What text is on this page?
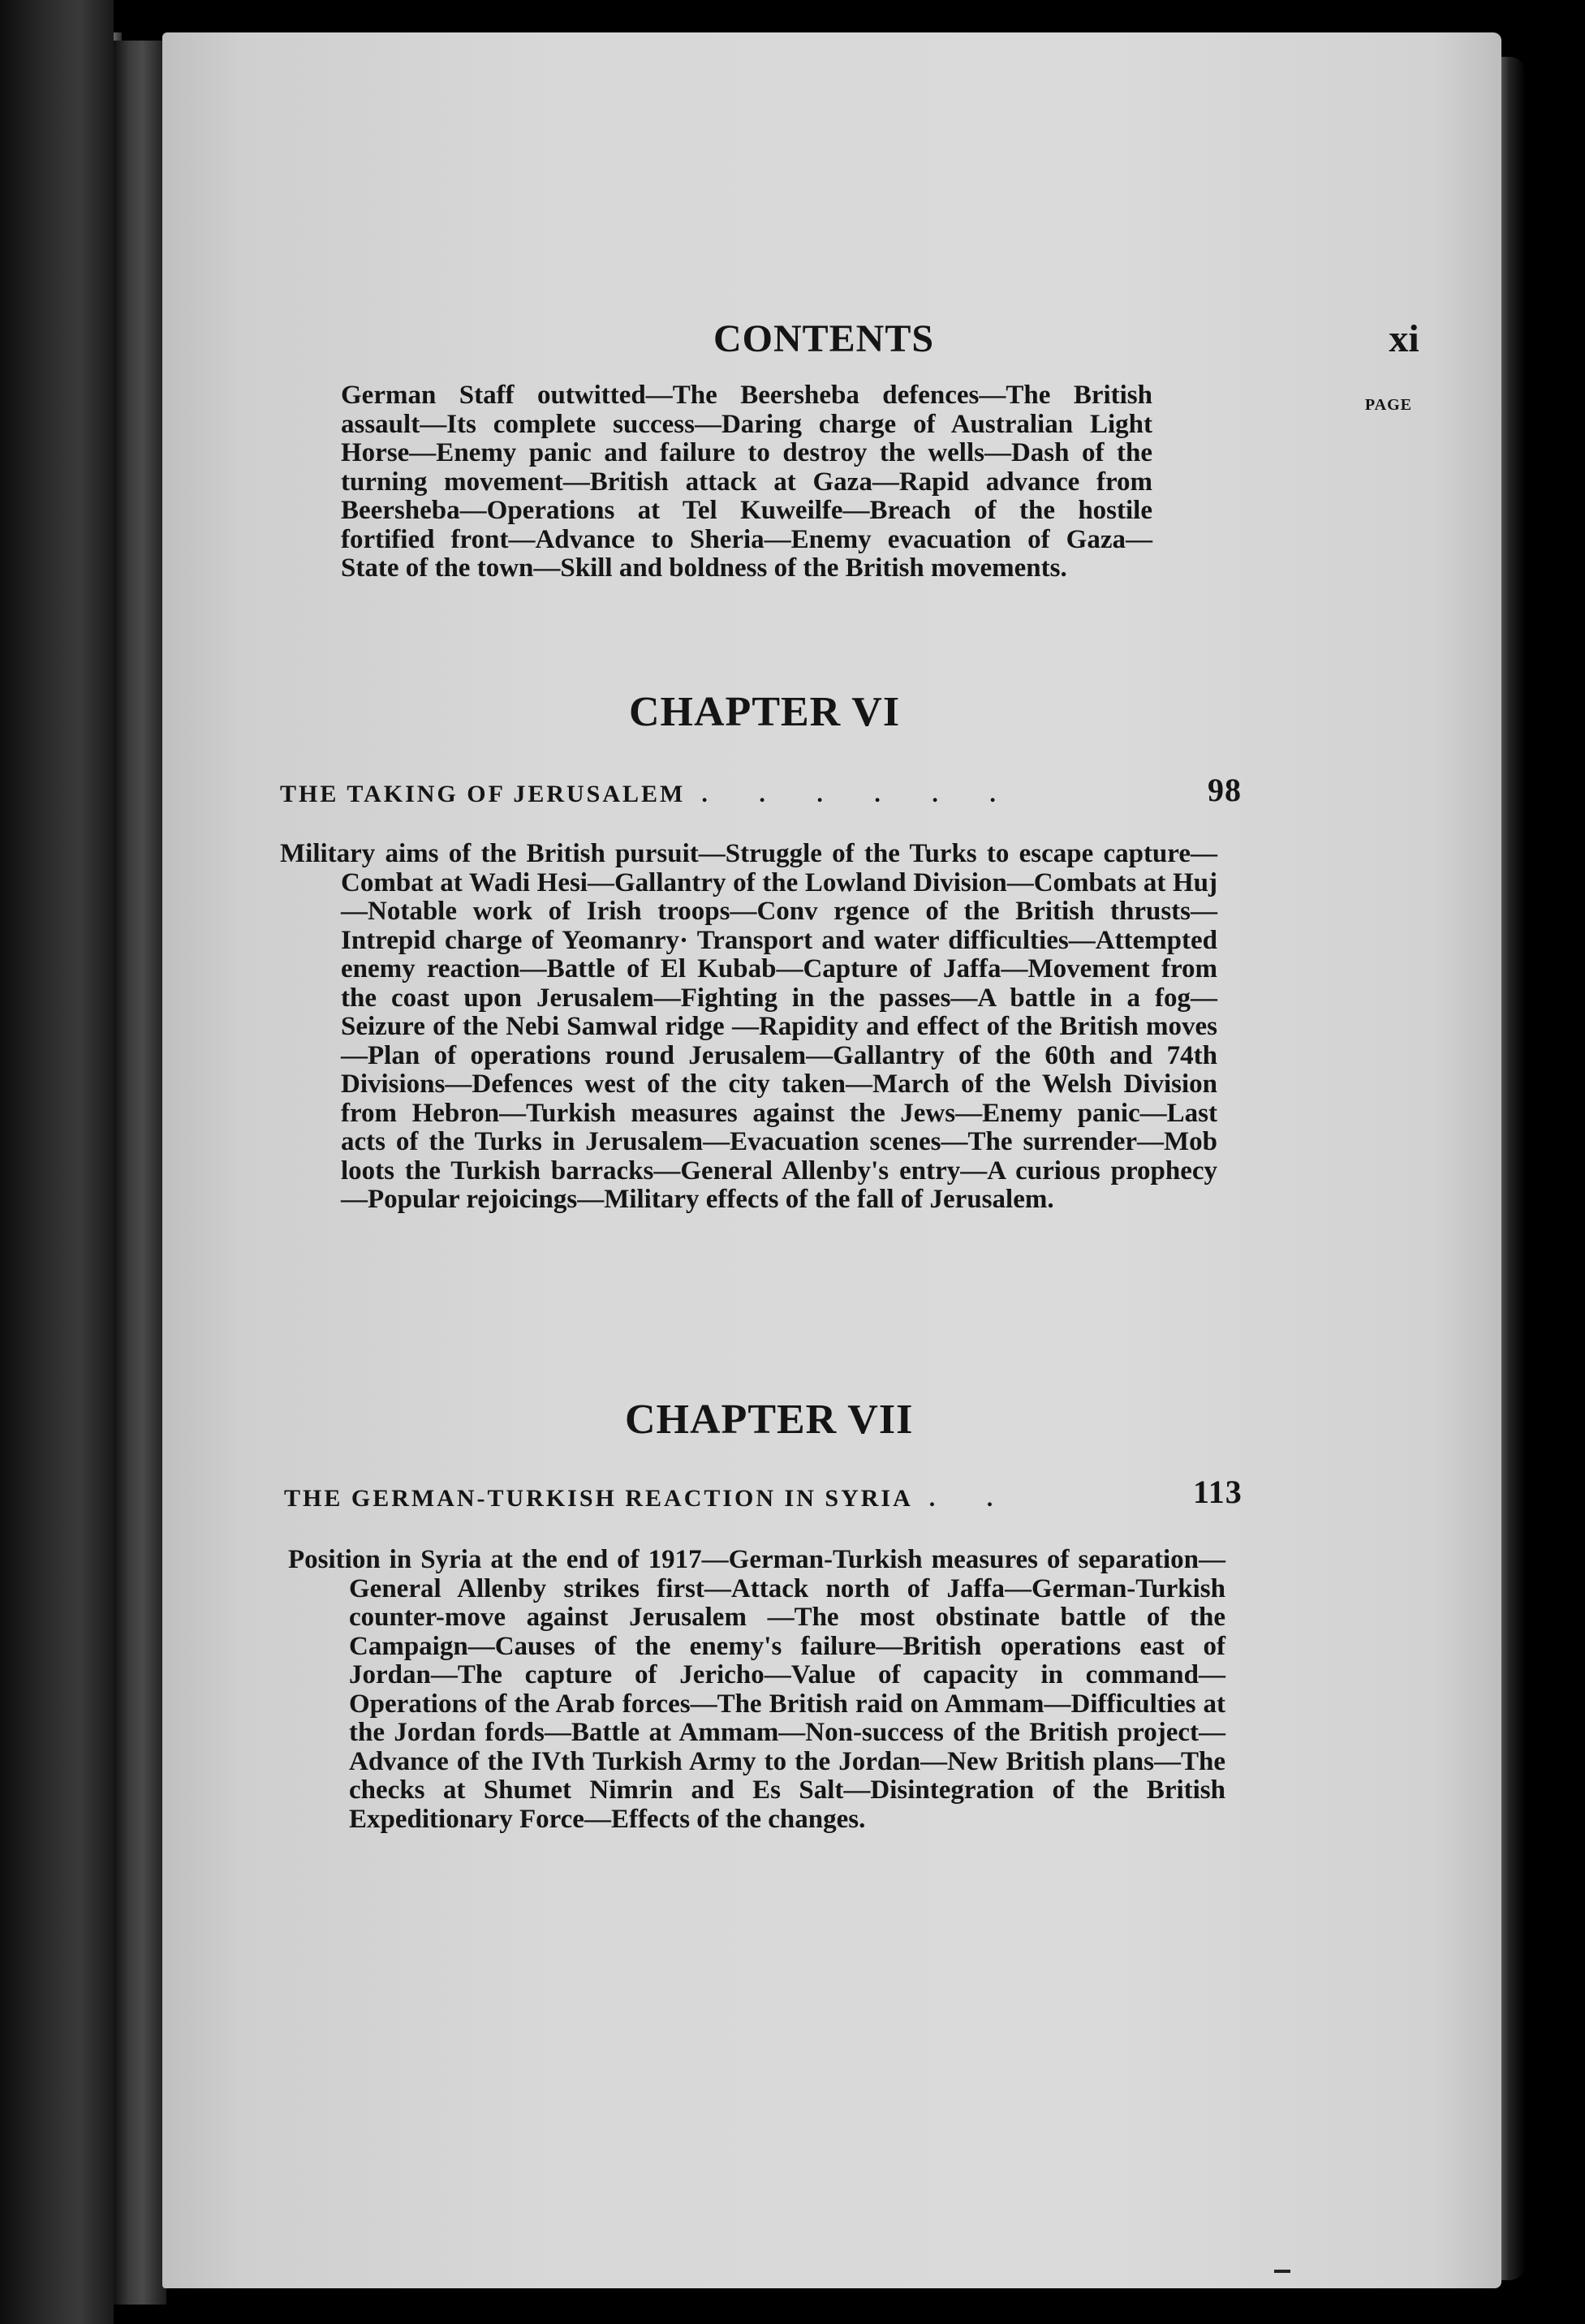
CONTENTS	xi
PAGE
German Staff outwitted—The Beersheba defences—The British assault—Its complete success—Daring charge of Australian Light Horse—Enemy panic and failure to destroy the wells—Dash of the turning movement—British attack at Gaza—Rapid advance from Beersheba—Operations at Tel Kuweilfe—Breach of the hostile fortified front—Advance to Sheria—Enemy evacuation of Gaza—State of the town—Skill and boldness of the British movements.
CHAPTER VI
THE TAKING OF JERUSALEM . . . . . .	98
Military aims of the British pursuit—Struggle of the Turks to escape capture—Combat at Wadi Hesi—Gallantry of the Lowland Division—Combats at Huj—Notable work of Irish troops—Conv rgence of the British thrusts—Intrepid charge of Yeomanry· Transport and water difficulties—Attempted enemy reaction—Battle of El Kubab—Capture of Jaffa—Movement from the coast upon Jerusalem—Fighting in the passes—A battle in a fog—Seizure of the Nebi Samwal ridge —Rapidity and effect of the British moves—Plan of operations round Jerusalem—Gallantry of the 60th and 74th Divisions—Defences west of the city taken—March of the Welsh Division from Hebron—Turkish measures against the Jews—Enemy panic—Last acts of the Turks in Jerusalem—Evacuation scenes—The surrender—Mob loots the Turkish barracks—General Allenby's entry—A curious prophecy—Popular rejoicings—Military effects of the fall of Jerusalem.
CHAPTER VII
THE GERMAN-TURKISH REACTION IN SYRIA . .	113
Position in Syria at the end of 1917—German-Turkish measures of separation—General Allenby strikes first—Attack north of Jaffa—German-Turkish counter-move against Jerusalem —The most obstinate battle of the Campaign—Causes of the enemy's failure—British operations east of Jordan—The capture of Jericho—Value of capacity in command—Operations of the Arab forces—The British raid on Ammam—Difficulties at the Jordan fords—Battle at Ammam—Non-success of the British project—Advance of the IVth Turkish Army to the Jordan—New British plans—The checks at Shumet Nimrin and Es Salt—Disintegration of the British Expeditionary Force—Effects of the changes.
